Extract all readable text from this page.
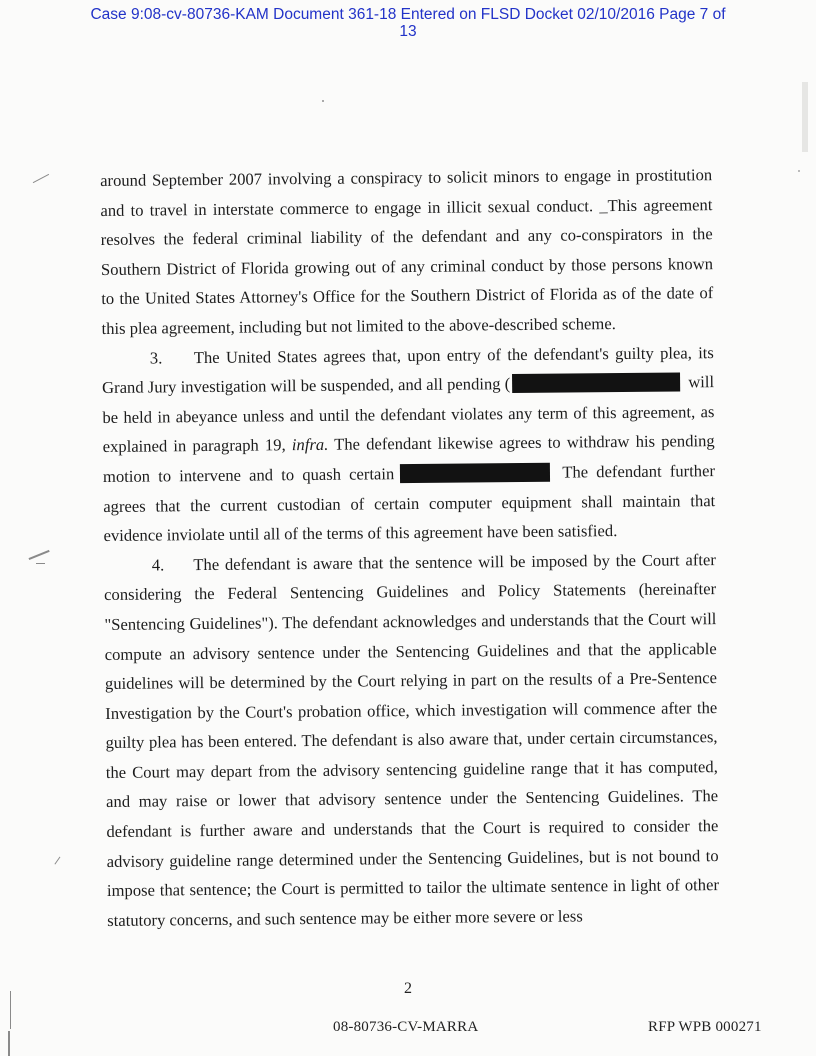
Case 9:08-cv-80736-KAM Document 361-18 Entered on FLSD Docket 02/10/2016 Page 7 of
13

around September 2007 involving a conspiracy to solicit minors to engage in prostitution and to travel in interstate commerce to engage in illicit sexual conduct. _This agreement resolves the federal criminal liability of the defendant and any co-conspirators in the Southern District of Florida growing out of any criminal conduct by those persons known to the United States Attorney's Office for the Southern District of Florida as of the date of this plea agreement, including but not limited to the above-described scheme.

3. The United States agrees that, upon entry of the defendant's guilty plea, its Grand Jury investigation will be suspended, and all pending (	will be held in abeyance unless and until the defendant violates any term of this agreement, as explained in paragraph 19, infra. The defendant likewise agrees to withdraw his pending motion to intervene and to quash certain	The defendant further agrees that the current custodian of certain computer equipment shall maintain that evidence inviolate until all of the terms of this agreement have been satisfied.

4. The defendant is aware that the sentence will be imposed by the Court after considering the Federal Sentencing Guidelines and Policy Statements (hereinafter "Sentencing Guidelines"). The defendant acknowledges and understands that the Court will compute an advisory sentence under the Sentencing Guidelines and that the applicable guidelines will be determined by the Court relying in part on the results of a Pre-Sentence Investigation by the Court's probation office, which investigation will commence after the guilty plea has been entered. The defendant is also aware that, under certain circumstances, the Court may depart from the advisory sentencing guideline range that it has computed, and may raise or lower that advisory sentence under the Sentencing Guidelines. The defendant is further aware and understands that the Court is required to consider the advisory guideline range determined under the Sentencing Guidelines, but is not bound to impose that sentence; the Court is permitted to tailor the ultimate sentence in light of other statutory concerns, and such sentence may be either more severe or less

2
08-80736-CV-MARRA	RFP WPB 000271
